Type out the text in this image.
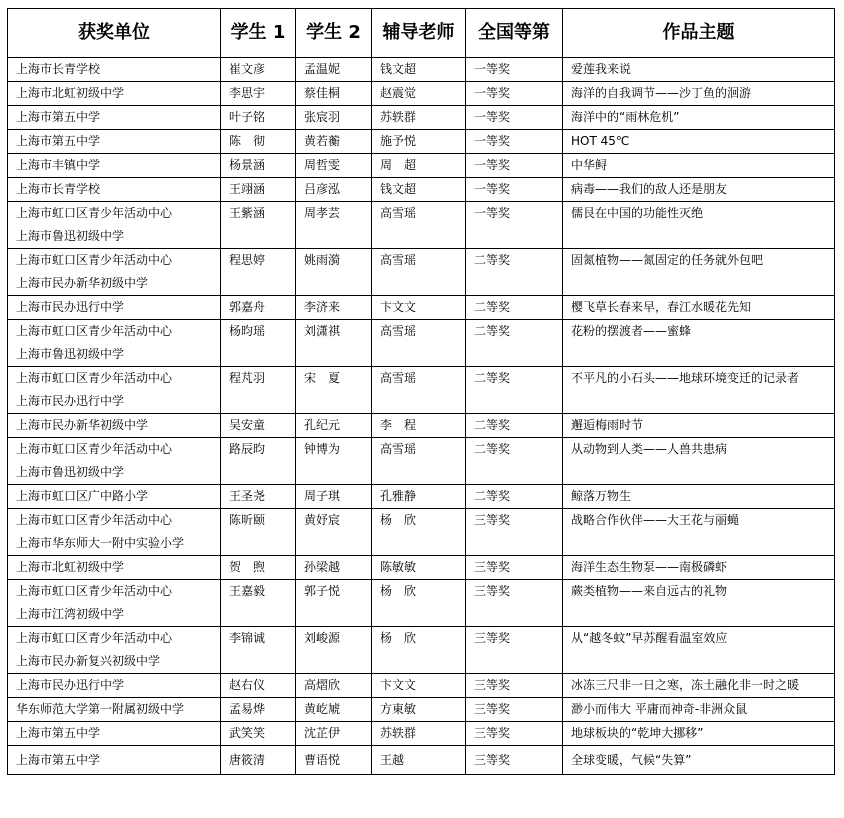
获奖单位	学生 1	学生 2	辅导老师	全国等第	作品主题

上海市长青学校	崔文彦	孟温妮	钱文超	一等奖	爱莲我来说

上海市北虹初级中学	李思宇	蔡佳桐	赵震觉	一等奖	海洋的自我调节——沙丁鱼的洄游

上海市第五中学	叶子铭	张宸羽	苏轶群	一等奖	海洋中的“雨林危机”

上海市第五中学	陈　彻	黄若蘅	施予悦	一等奖	HOT 45℃

上海市丰镇中学	杨景涵	周哲雯	周　超	一等奖	中华鲟

上海市长青学校	王翊涵	吕彦泓	钱文超	一等奖	病毒——我们的敌人还是朋友

上海市虹口区青少年活动中心
上海市鲁迅初级中学	王紫涵	周孝芸	高雪瑶	一等奖	儒艮在中国的功能性灭绝

上海市虹口区青少年活动中心
上海市民办新华初级中学	程思婷	姚雨漪	高雪瑶	二等奖	固氮植物——氮固定的任务就外包吧

上海市民办迅行中学	郭嘉舟	李济来	卞文文	二等奖	樱飞草长春来早，春江水暖花先知

上海市虹口区青少年活动中心
上海市鲁迅初级中学	杨昀瑶	刘潇祺	高雪瑶	二等奖	花粉的摆渡者——蜜蜂

上海市虹口区青少年活动中心
上海市民办迅行中学	程芃羽	宋　夏	高雪瑶	二等奖	不平凡的小石头——地球环境变迁的记录者

上海市民办新华初级中学	吴安童	孔纪元	李　程	二等奖	邂逅梅雨时节

上海市虹口区青少年活动中心
上海市鲁迅初级中学	路辰昀	钟博为	高雪瑶	二等奖	从动物到人类——人兽共患病

上海市虹口区广中路小学	王圣尧	周子琪	孔雅静	二等奖	鲸落万物生

上海市虹口区青少年活动中心
上海市华东师大一附中实验小学	陈昕颐	黄妤宸	杨　欣	三等奖	战略合作伙伴——大王花与丽蝇

上海市北虹初级中学	贺　煦	孙梁越	陈敏敏	三等奖	海洋生态生物泵——南极磷虾

上海市虹口区青少年活动中心
上海市江湾初级中学	王嘉毅	郭子悦	杨　欣	三等奖	蕨类植物——来自远古的礼物

上海市虹口区青少年活动中心
上海市民办新复兴初级中学	李锦诚	刘峻源	杨　欣	三等奖	从“越冬蚊”早苏醒看温室效应

上海市民办迅行中学	赵右仪	高熠欣	卞文文	三等奖	冰冻三尺非一日之寒，冻土融化非一时之暖

华东师范大学第一附属初级中学	孟易烨	黄屹虓	方東敏	三等奖	渺小而伟大 平庸而神奇-非洲众鼠

上海市第五中学	武笑笑	沈芷伊	苏轶群	三等奖	地球板块的“乾坤大挪移”

上海市第五中学	唐筱清	曹语悦	王越	三等奖	全球变暖，气候“失算”
